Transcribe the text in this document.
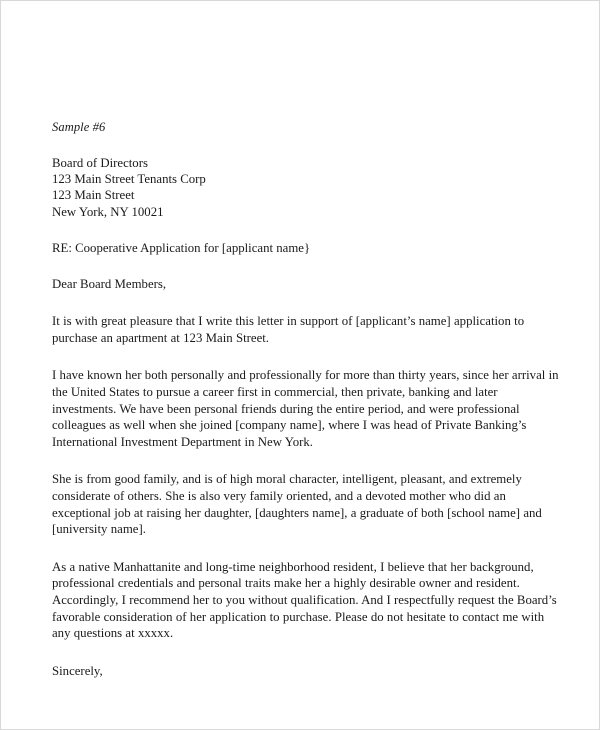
Sample #6
Board of Directors
123 Main Street Tenants Corp
123 Main Street
New York, NY 10021
RE: Cooperative Application for [applicant name}
Dear Board Members,

It is with great pleasure that I write this letter in support of [applicant’s name] application to purchase an apartment at 123 Main Street.

I have known her both personally and professionally for more than thirty years, since her arrival in the United States to pursue a career first in commercial, then private, banking and later investments. We have been personal friends during the entire period, and were professional colleagues as well when she joined [company name], where I was head of Private Banking’s International Investment Department in New York.

She is from good family, and is of high moral character, intelligent, pleasant, and extremely considerate of others. She is also very family oriented, and a devoted mother who did an exceptional job at raising her daughter, [daughters name], a graduate of both [school name] and [university name].

As a native Manhattanite and long-time neighborhood resident, I believe that her background, professional credentials and personal traits make her a highly desirable owner and resident. Accordingly, I recommend her to you without qualification. And I respectfully request the Board’s favorable consideration of her application to purchase. Please do not hesitate to contact me with any questions at xxxxx.

Sincerely,
